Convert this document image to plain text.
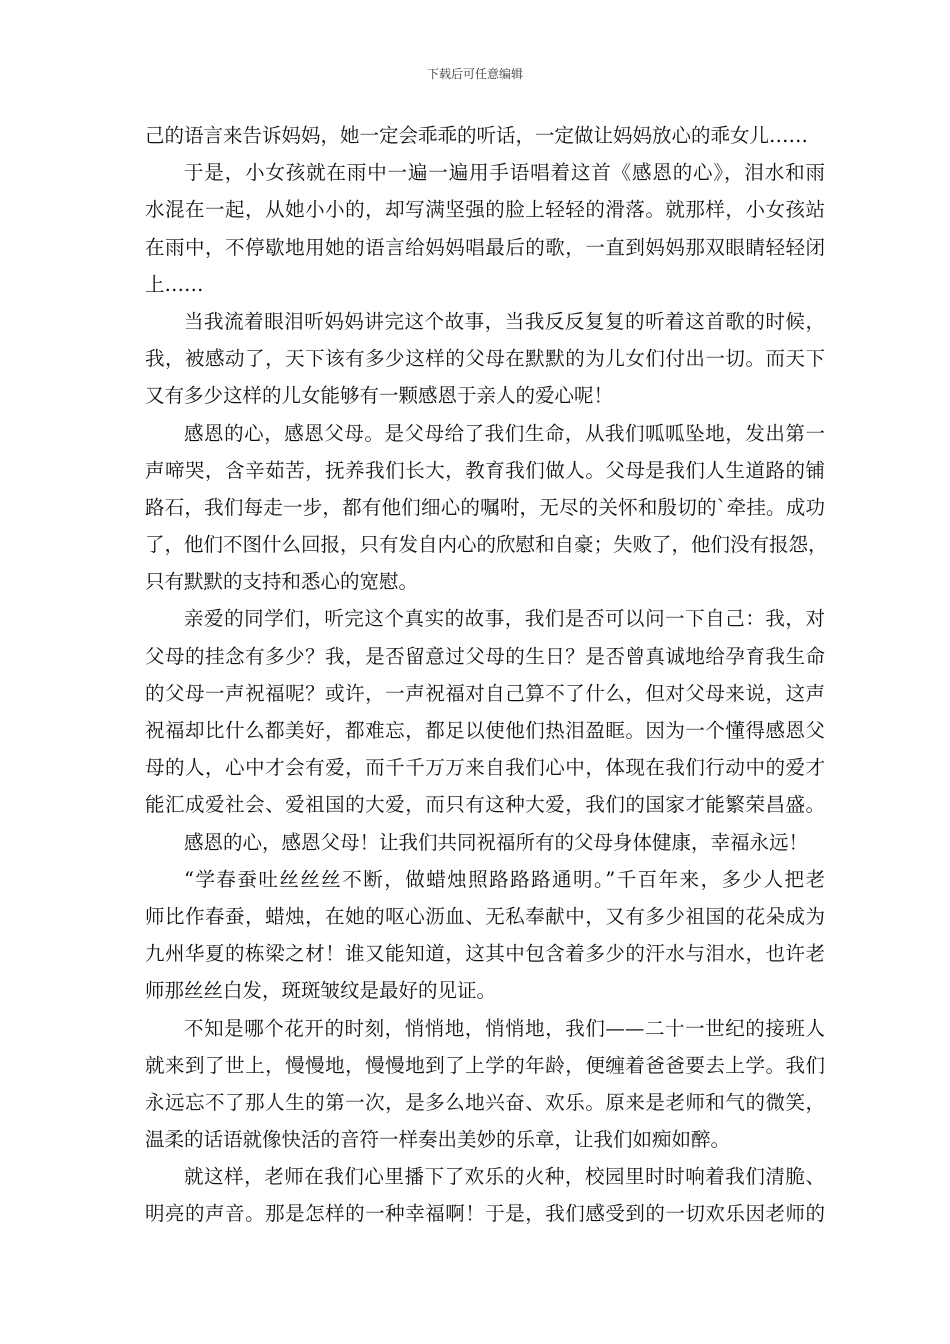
下载后可任意编辑
己的语言来告诉妈妈，她一定会乖乖的听话，一定做让妈妈放心的乖女儿……
于是，小女孩就在雨中一遍一遍用手语唱着这首《感恩的心》，泪水和雨
水混在一起，从她小小的，却写满坚强的脸上轻轻的滑落。就那样，小女孩站
在雨中，不停歇地用她的语言给妈妈唱最后的歌，一直到妈妈那双眼睛轻轻闭
上……
当我流着眼泪听妈妈讲完这个故事，当我反反复复的听着这首歌的时候，
我，被感动了，天下该有多少这样的父母在默默的为儿女们付出一切。而天下
又有多少这样的儿女能够有一颗感恩于亲人的爱心呢！
感恩的心，感恩父母。是父母给了我们生命，从我们呱呱坠地，发出第一
声啼哭，含辛茹苦，抚养我们长大，教育我们做人。父母是我们人生道路的铺
路石，我们每走一步，都有他们细心的嘱咐，无尽的关怀和殷切的`牵挂。成功
了，他们不图什么回报，只有发自内心的欣慰和自豪；失败了，他们没有报怨，
只有默默的支持和悉心的宽慰。
亲爱的同学们，听完这个真实的故事，我们是否可以问一下自己：我，对
父母的挂念有多少？我，是否留意过父母的生日？是否曾真诚地给孕育我生命
的父母一声祝福呢？或许，一声祝福对自己算不了什么，但对父母来说，这声
祝福却比什么都美好，都难忘，都足以使他们热泪盈眶。因为一个懂得感恩父
母的人，心中才会有爱，而千千万万来自我们心中，体现在我们行动中的爱才
能汇成爱社会、爱祖国的大爱，而只有这种大爱，我们的国家才能繁荣昌盛。
感恩的心，感恩父母！让我们共同祝福所有的父母身体健康，幸福永远！
“学春蚕吐丝丝丝不断，做蜡烛照路路路通明。”千百年来，多少人把老
师比作春蚕，蜡烛，在她的呕心沥血、无私奉献中，又有多少祖国的花朵成为
九州华夏的栋梁之材！谁又能知道，这其中包含着多少的汗水与泪水，也许老
师那丝丝白发，斑斑皱纹是最好的见证。
不知是哪个花开的时刻，悄悄地，悄悄地，我们——二十一世纪的接班人
就来到了世上，慢慢地，慢慢地到了上学的年龄，便缠着爸爸要去上学。我们
永远忘不了那人生的第一次，是多么地兴奋、欢乐。原来是老师和气的微笑，
温柔的话语就像快活的音符一样奏出美妙的乐章，让我们如痴如醉。
就这样，老师在我们心里播下了欢乐的火种，校园里时时响着我们清脆、
明亮的声音。那是怎样的一种幸福啊！于是，我们感受到的一切欢乐因老师的
